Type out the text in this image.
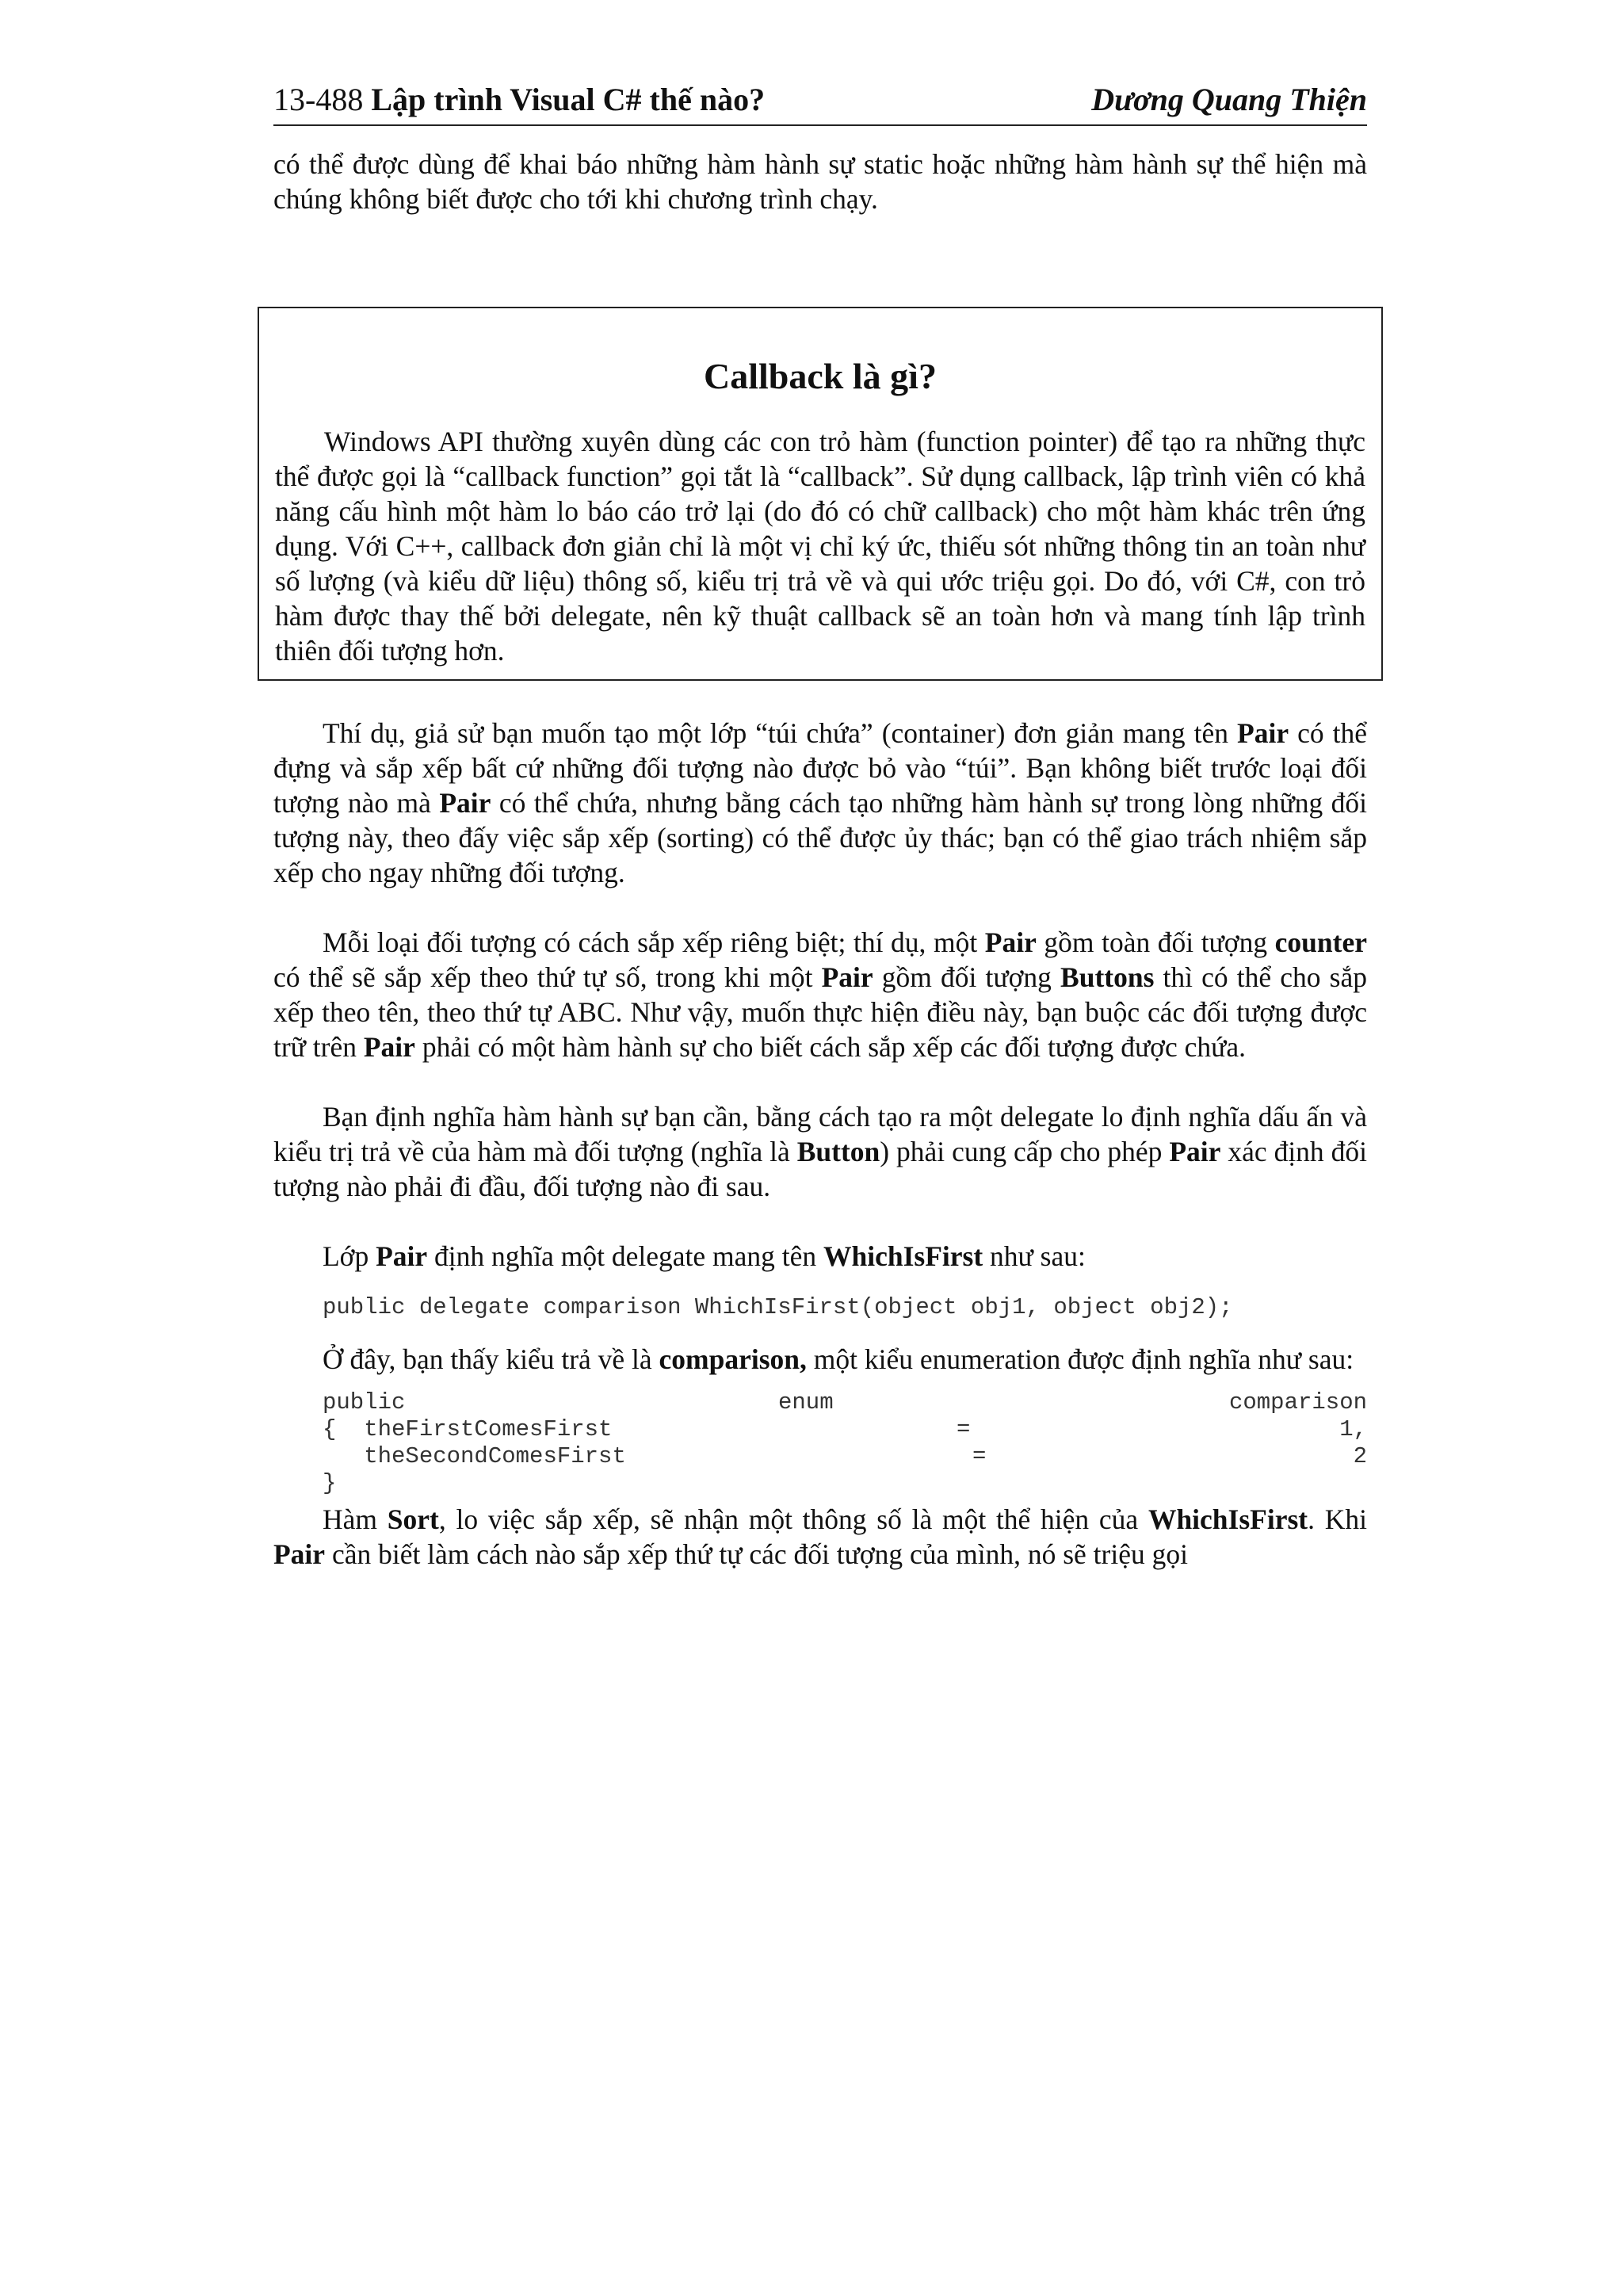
13-488 Lập trình Visual C# thế nào?	Dương Quang Thiện

có thể được dùng để khai báo những hàm hành sự static hoặc những hàm hành sự thể hiện mà chúng không biết được cho tới khi chương trình chạy.

Callback là gì?

Windows API thường xuyên dùng các con trỏ hàm (function pointer) để tạo ra những thực thể được gọi là “callback function” gọi tắt là “callback”. Sử dụng callback, lập trình viên có khả năng cấu hình một hàm lo báo cáo trở lại (do đó có chữ callback) cho một hàm khác trên ứng dụng. Với C++, callback đơn giản chỉ là một vị chỉ ký ức, thiếu sót những thông tin an toàn như số lượng (và kiểu dữ liệu) thông số, kiểu trị trả về và qui ước triệu gọi. Do đó, với C#, con trỏ hàm được thay thế bởi delegate, nên kỹ thuật callback sẽ an toàn hơn và mang tính lập trình thiên đối tượng hơn.

Thí dụ, giả sử bạn muốn tạo một lớp “túi chứa” (container) đơn giản mang tên Pair có thể đựng và sắp xếp bất cứ những đối tượng nào được bỏ vào “túi”. Bạn không biết trước loại đối tượng nào mà Pair có thể chứa, nhưng bằng cách tạo những hàm hành sự trong lòng những đối tượng này, theo đấy việc sắp xếp (sorting) có thể được ủy thác; bạn có thể giao trách nhiệm sắp xếp cho ngay những đối tượng.

Mỗi loại đối tượng có cách sắp xếp riêng biệt; thí dụ, một Pair gồm toàn đối tượng counter có thể sẽ sắp xếp theo thứ tự số, trong khi một Pair gồm đối tượng Buttons thì có thể cho sắp xếp theo tên, theo thứ tự ABC. Như vậy, muốn thực hiện điều này, bạn buộc các đối tượng được trữ trên Pair phải có một hàm hành sự cho biết cách sắp xếp các đối tượng được chứa.

Bạn định nghĩa hàm hành sự bạn cần, bằng cách tạo ra một delegate lo định nghĩa dấu ấn và kiểu trị trả về của hàm mà đối tượng (nghĩa là Button) phải cung cấp cho phép Pair xác định đối tượng nào phải đi đầu, đối tượng nào đi sau.

Lớp Pair định nghĩa một delegate mang tên WhichIsFirst như sau:

public delegate comparison WhichIsFirst(object obj1, object obj2);

Ở đây, bạn thấy kiểu trả về là comparison, một kiểu enumeration được định nghĩa như sau:

public	enum	comparison
{  theFirstComesFirst	=	1,
theSecondComesFirst	=	2
}

Hàm Sort, lo việc sắp xếp, sẽ nhận một thông số là một thể hiện của WhichIsFirst. Khi Pair cần biết làm cách nào sắp xếp thứ tự các đối tượng của mình, nó sẽ triệu gọi
